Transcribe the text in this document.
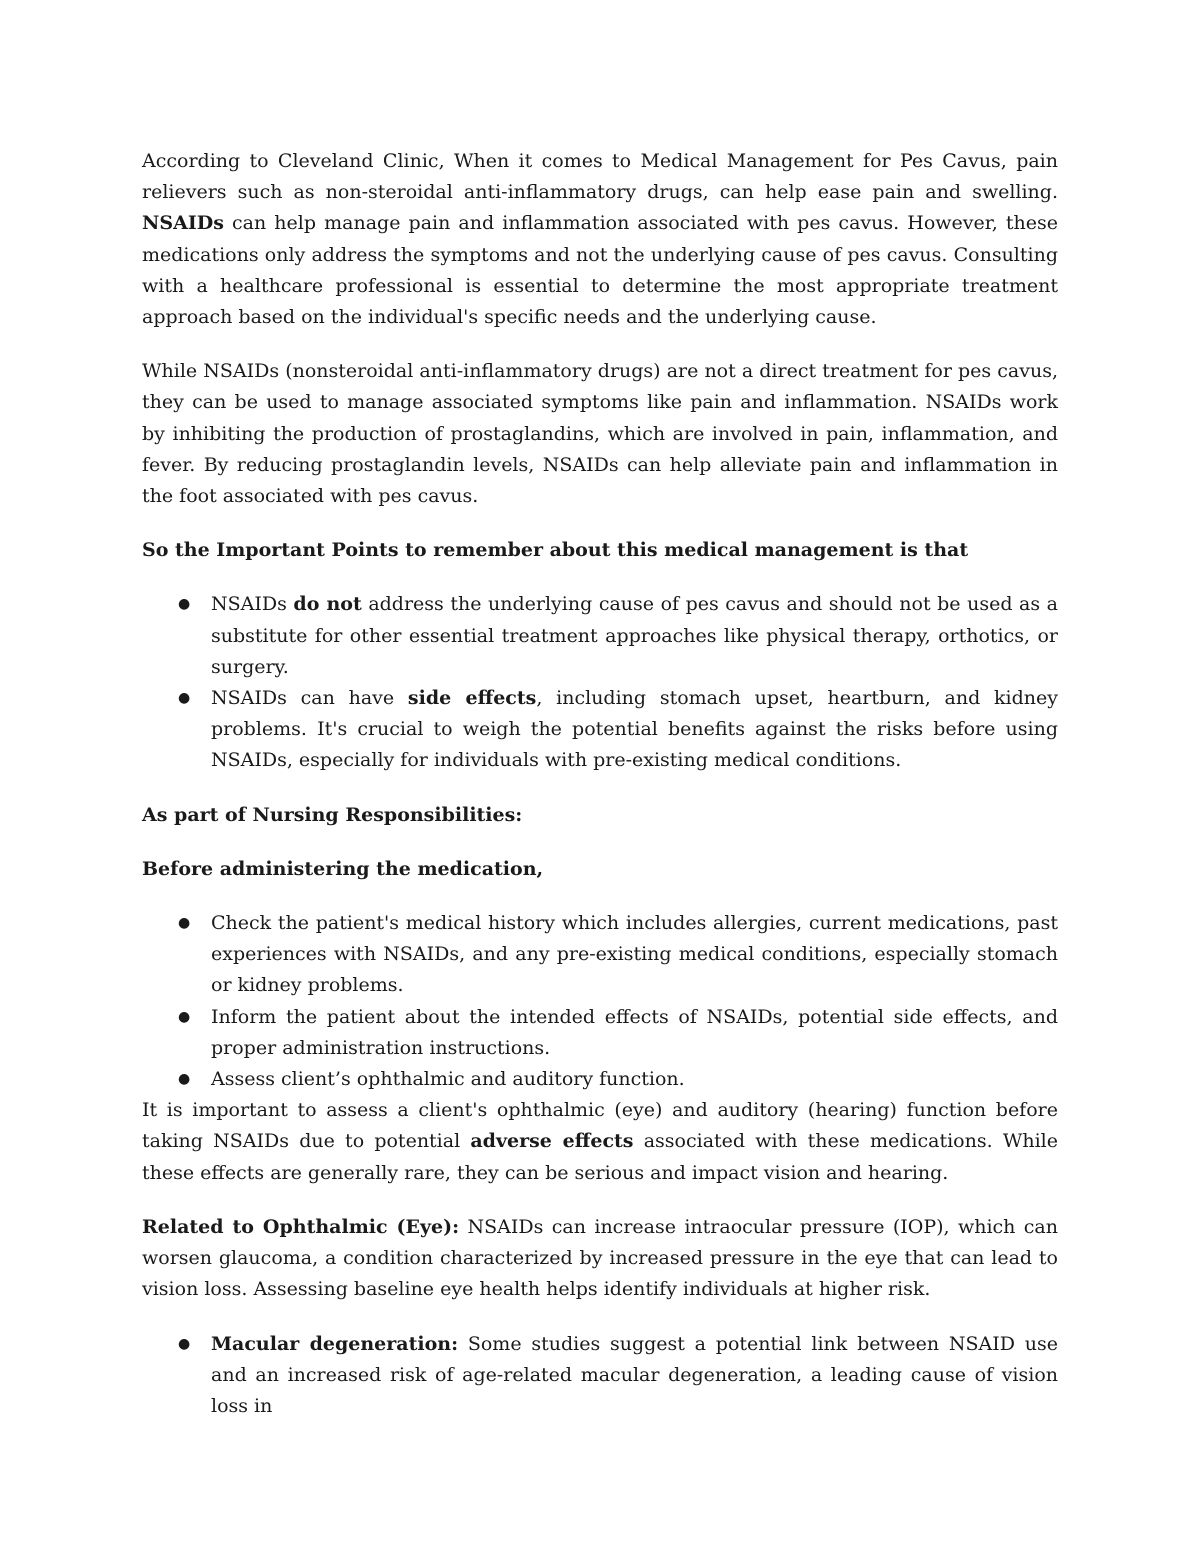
According to Cleveland Clinic, When it comes to Medical Management for Pes Cavus, pain relievers such as non-steroidal anti-inflammatory drugs, can help ease pain and swelling. NSAIDs can help manage pain and inflammation associated with pes cavus. However, these medications only address the symptoms and not the underlying cause of pes cavus. Consulting with a healthcare professional is essential to determine the most appropriate treatment approach based on the individual's specific needs and the underlying cause.

While NSAIDs (nonsteroidal anti-inflammatory drugs) are not a direct treatment for pes cavus, they can be used to manage associated symptoms like pain and inflammation. NSAIDs work by inhibiting the production of prostaglandins, which are involved in pain, inflammation, and fever. By reducing prostaglandin levels, NSAIDs can help alleviate pain and inflammation in the foot associated with pes cavus.

So the Important Points to remember about this medical management is that
● NSAIDs do not address the underlying cause of pes cavus and should not be used as a substitute for other essential treatment approaches like physical therapy, orthotics, or surgery.
● NSAIDs can have side effects, including stomach upset, heartburn, and kidney problems. It's crucial to weigh the potential benefits against the risks before using NSAIDs, especially for individuals with pre-existing medical conditions.
As part of Nursing Responsibilities:
Before administering the medication,
● Check the patient's medical history which includes allergies, current medications, past experiences with NSAIDs, and any pre-existing medical conditions, especially stomach or kidney problems.
● Inform the patient about the intended effects of NSAIDs, potential side effects, and proper administration instructions.
● Assess client’s ophthalmic and auditory function.

It is important to assess a client's ophthalmic (eye) and auditory (hearing) function before taking NSAIDs due to potential adverse effects associated with these medications. While these effects are generally rare, they can be serious and impact vision and hearing.

Related to Ophthalmic (Eye): NSAIDs can increase intraocular pressure (IOP), which can worsen glaucoma, a condition characterized by increased pressure in the eye that can lead to vision loss. Assessing baseline eye health helps identify individuals at higher risk.

● Macular degeneration: Some studies suggest a potential link between NSAID use and an increased risk of age-related macular degeneration, a leading cause of vision loss in
